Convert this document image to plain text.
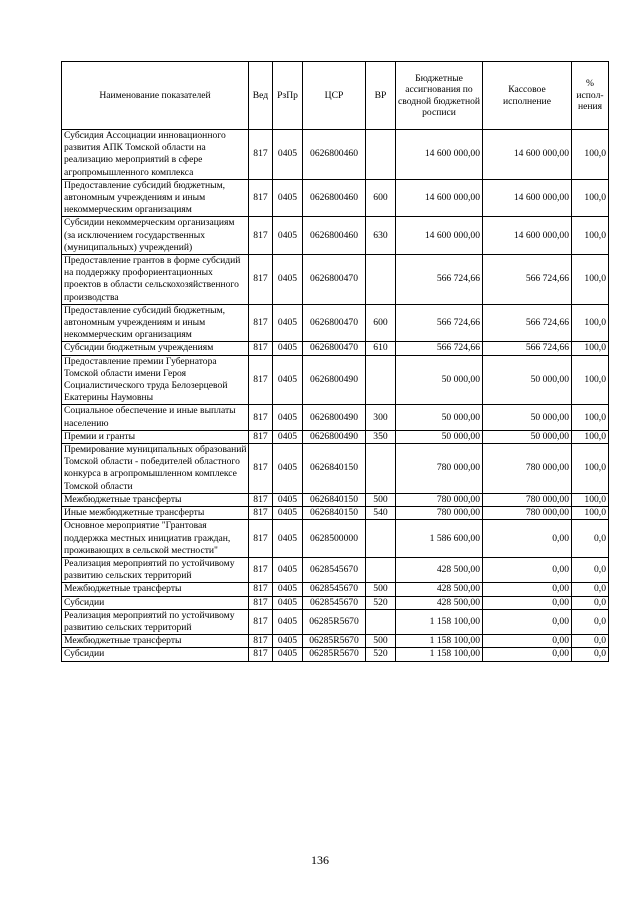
Наименование показателей	Вед	РзПр	ЦСР	ВР	Бюджетные ассигнования по сводной бюджетной росписи	Кассовое исполнение	% испол-нения
Субсидия Ассоциации инновационного развития АПК Томской области на реализацию мероприятий в сфере агропромышленного комплекса	817	0405	0626800460		14 600 000,00	14 600 000,00	100,0
Предоставление субсидий бюджетным, автономным учреждениям и иным некоммерческим организациям	817	0405	0626800460	600	14 600 000,00	14 600 000,00	100,0
Субсидии некоммерческим организациям (за исключением государственных (муниципальных) учреждений)	817	0405	0626800460	630	14 600 000,00	14 600 000,00	100,0
Предоставление грантов в форме субсидий на поддержку профориентационных проектов в области сельскохозяйственного производства	817	0405	0626800470		566 724,66	566 724,66	100,0
Предоставление субсидий бюджетным, автономным учреждениям и иным некоммерческим организациям	817	0405	0626800470	600	566 724,66	566 724,66	100,0
Субсидии бюджетным учреждениям	817	0405	0626800470	610	566 724,66	566 724,66	100,0
Предоставление премии Губернатора Томской области имени Героя Социалистического труда Белозерцевой Екатерины Наумовны	817	0405	0626800490		50 000,00	50 000,00	100,0
Социальное обеспечение и иные выплаты населению	817	0405	0626800490	300	50 000,00	50 000,00	100,0
Премии и гранты	817	0405	0626800490	350	50 000,00	50 000,00	100,0
Премирование муниципальных образований Томской области - победителей областного конкурса в агропромышленном комплексе Томской области	817	0405	0626840150		780 000,00	780 000,00	100,0
Межбюджетные трансферты	817	0405	0626840150	500	780 000,00	780 000,00	100,0
Иные межбюджетные трансферты	817	0405	0626840150	540	780 000,00	780 000,00	100,0
Основное мероприятие "Грантовая поддержка местных инициатив граждан, проживающих в сельской местности"	817	0405	0628500000		1 586 600,00	0,00	0,0
Реализация мероприятий по устойчивому развитию сельских территорий	817	0405	0628545670		428 500,00	0,00	0,0
Межбюджетные трансферты	817	0405	0628545670	500	428 500,00	0,00	0,0
Субсидии	817	0405	0628545670	520	428 500,00	0,00	0,0
Реализация мероприятий по устойчивому развитию сельских территорий	817	0405	06285R5670		1 158 100,00	0,00	0,0
Межбюджетные трансферты	817	0405	06285R5670	500	1 158 100,00	0,00	0,0
Субсидии	817	0405	06285R5670	520	1 158 100,00	0,00	0,0
136
